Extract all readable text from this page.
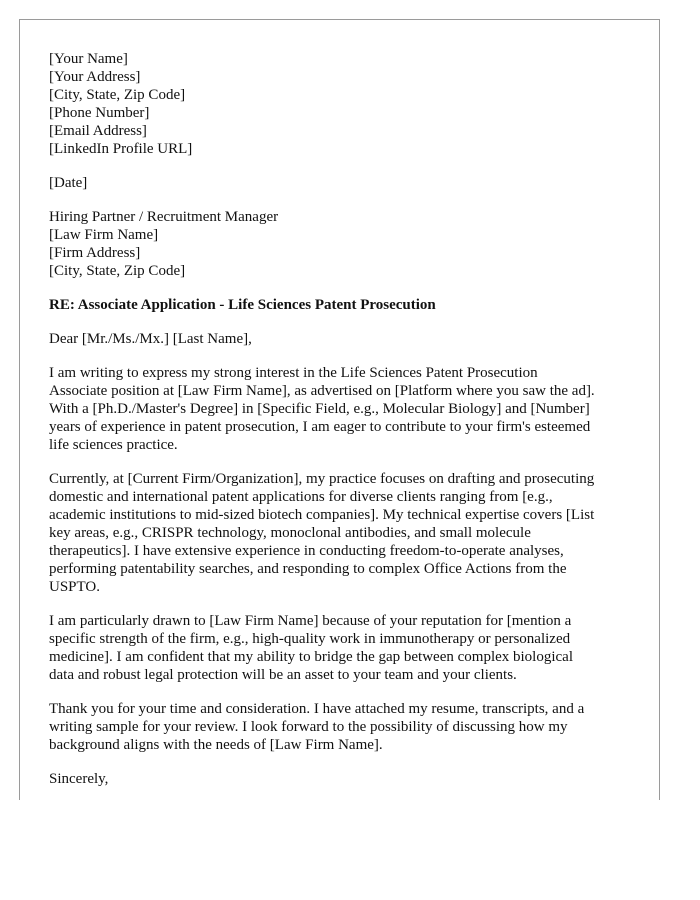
[Your Name]
[Your Address]
[City, State, Zip Code]
[Phone Number]
[Email Address]
[LinkedIn Profile URL]
[Date]
Hiring Partner / Recruitment Manager
[Law Firm Name]
[Firm Address]
[City, State, Zip Code]
RE: Associate Application - Life Sciences Patent Prosecution
Dear [Mr./Ms./Mx.] [Last Name],
I am writing to express my strong interest in the Life Sciences Patent Prosecution
Associate position at [Law Firm Name], as advertised on [Platform where you saw the ad].
With a [Ph.D./Master's Degree] in [Specific Field, e.g., Molecular Biology] and [Number]
years of experience in patent prosecution, I am eager to contribute to your firm's esteemed
life sciences practice.
Currently, at [Current Firm/Organization], my practice focuses on drafting and prosecuting
domestic and international patent applications for diverse clients ranging from [e.g.,
academic institutions to mid-sized biotech companies]. My technical expertise covers [List
key areas, e.g., CRISPR technology, monoclonal antibodies, and small molecule
therapeutics]. I have extensive experience in conducting freedom-to-operate analyses,
performing patentability searches, and responding to complex Office Actions from the
USPTO.
I am particularly drawn to [Law Firm Name] because of your reputation for [mention a
specific strength of the firm, e.g., high-quality work in immunotherapy or personalized
medicine]. I am confident that my ability to bridge the gap between complex biological
data and robust legal protection will be an asset to your team and your clients.
Thank you for your time and consideration. I have attached my resume, transcripts, and a
writing sample for your review. I look forward to the possibility of discussing how my
background aligns with the needs of [Law Firm Name].
Sincerely,
